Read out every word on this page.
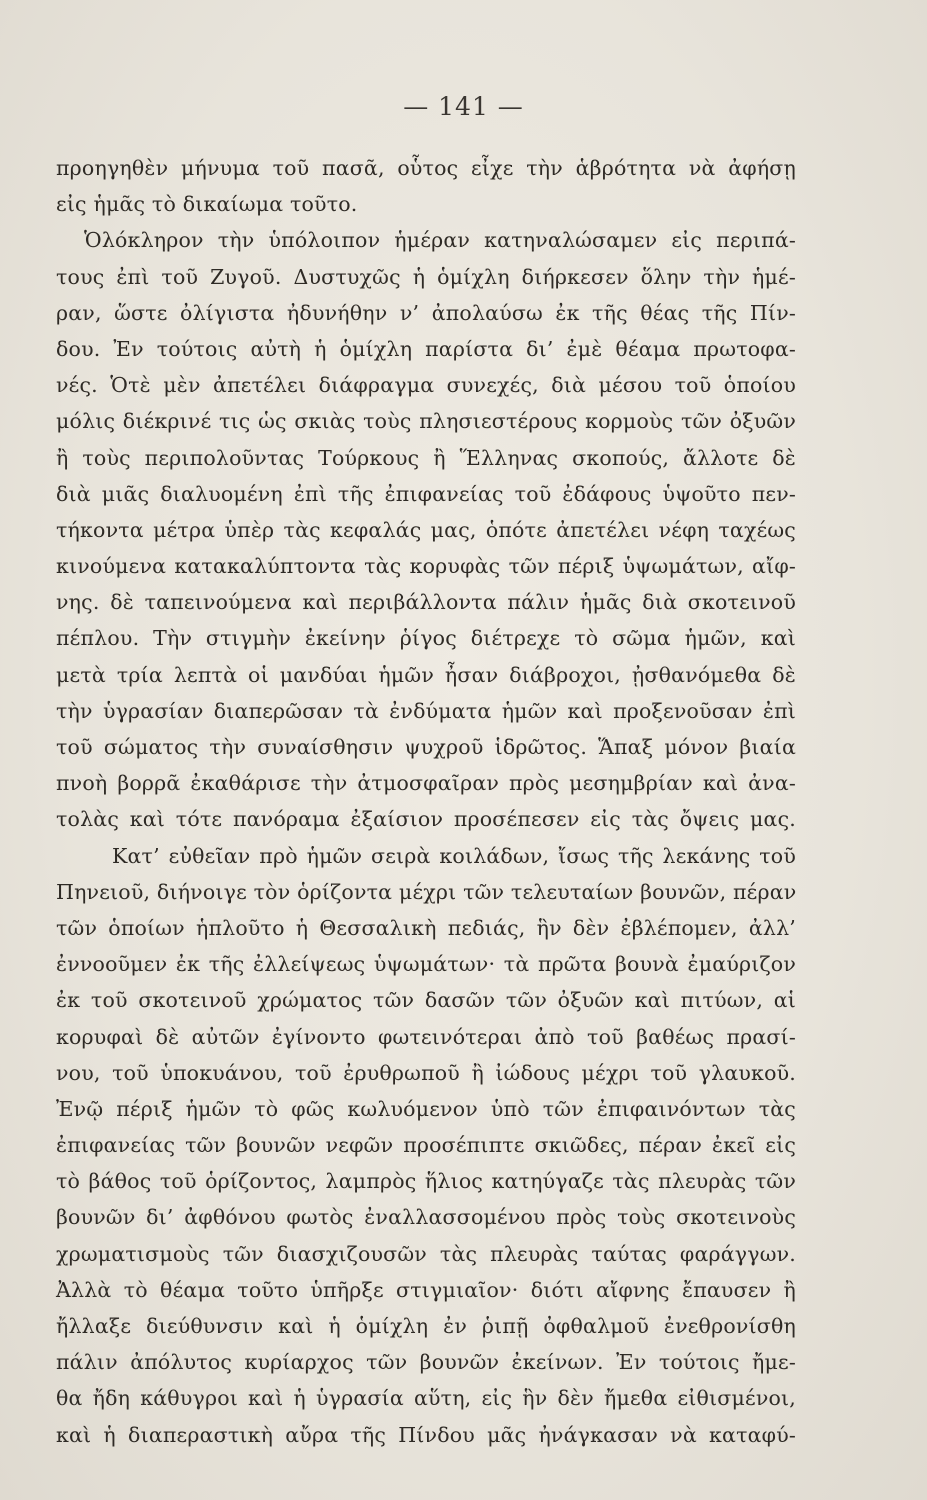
— 141 —
προηγηθὲν μήνυμα τοῦ πασᾶ, οὗτος εἶχε τὴν ἁβρότητα νὰ ἀφήσῃ
εἰς ἡμᾶς τὸ δικαίωμα τοῦτο.
Ὁλόκληρον τὴν ὑπόλοιπον ἡμέραν κατηναλώσαμεν εἰς περιπά-
τους ἐπὶ τοῦ Ζυγοῦ. Δυστυχῶς ἡ ὁμίχλη διήρκεσεν ὅλην τὴν ἡμέ-
ραν, ὥστε ὀλίγιστα ἠδυνήθην ν’ ἀπολαύσω ἐκ τῆς θέας τῆς Πίν-
δου. Ἐν τούτοις αὐτὴ ἡ ὁμίχλη παρίστα δι’ ἐμὲ θέαμα πρωτοφα-
νές. Ὁτὲ μὲν ἀπετέλει διάφραγμα συνεχές, διὰ μέσου τοῦ ὁποίου
μόλις διέκρινέ τις ὡς σκιὰς τοὺς πλησιεστέρους κορμοὺς τῶν ὀξυῶν
ἢ τοὺς περιπολοῦντας Τούρκους ἢ Ἕλληνας σκοπούς, ἄλλοτε δὲ
διὰ μιᾶς διαλυομένη ἐπὶ τῆς ἐπιφανείας τοῦ ἐδάφους ὑψοῦτο πεν-
τήκοντα μέτρα ὑπὲρ τὰς κεφαλάς μας, ὁπότε ἀπετέλει νέφη ταχέως
κινούμενα κατακαλύπτοντα τὰς κορυφὰς τῶν πέριξ ὑψωμάτων, αἴφ-
νης. δὲ ταπεινούμενα καὶ περιβάλλοντα πάλιν ἡμᾶς διὰ σκοτεινοῦ
πέπλου. Τὴν στιγμὴν ἐκείνην ῥίγος διέτρεχε τὸ σῶμα ἡμῶν, καὶ
μετὰ τρία λεπτὰ οἱ μανδύαι ἡμῶν ἦσαν διάβροχοι, ᾐσθανόμεθα δὲ
τὴν ὑγρασίαν διαπερῶσαν τὰ ἐνδύματα ἡμῶν καὶ προξενοῦσαν ἐπὶ
τοῦ σώματος τὴν συναίσθησιν ψυχροῦ ἱδρῶτος. Ἅπαξ μόνον βιαία
πνοὴ βορρᾶ ἐκαθάρισε τὴν ἀτμοσφαῖραν πρὸς μεσημβρίαν καὶ ἀνα-
τολὰς καὶ τότε πανόραμα ἐξαίσιον προσέπεσεν εἰς τὰς ὄψεις μας.
Κατ’ εὐθεῖαν πρὸ ἡμῶν σειρὰ κοιλάδων, ἴσως τῆς λεκάνης τοῦ
Πηνειοῦ, διήνοιγε τὸν ὁρίζοντα μέχρι τῶν τελευταίων βουνῶν, πέραν
τῶν ὁποίων ἡπλοῦτο ἡ Θεσσαλικὴ πεδιάς, ἣν δὲν ἐβλέπομεν, ἀλλ’
ἐννοοῦμεν ἐκ τῆς ἐλλείψεως ὑψωμάτων· τὰ πρῶτα βουνὰ ἐμαύριζον
ἐκ τοῦ σκοτεινοῦ χρώματος τῶν δασῶν τῶν ὀξυῶν καὶ πιτύων, αἱ
κορυφαὶ δὲ αὐτῶν ἐγίνοντο φωτεινότεραι ἀπὸ τοῦ βαθέως πρασί-
νου, τοῦ ὑποκυάνου, τοῦ ἐρυθρωποῦ ἢ ἰώδους μέχρι τοῦ γλαυκοῦ.
Ἐνῷ πέριξ ἡμῶν τὸ φῶς κωλυόμενον ὑπὸ τῶν ἐπιφαινόντων τὰς
ἐπιφανείας τῶν βουνῶν νεφῶν προσέπιπτε σκιῶδες, πέραν ἐκεῖ εἰς
τὸ βάθος τοῦ ὁρίζοντος, λαμπρὸς ἥλιος κατηύγαζε τὰς πλευρὰς τῶν
βουνῶν δι’ ἀφθόνου φωτὸς ἐναλλασσομένου πρὸς τοὺς σκοτεινοὺς
χρωματισμοὺς τῶν διασχιζουσῶν τὰς πλευρὰς ταύτας φαράγγων.
Ἀλλὰ τὸ θέαμα τοῦτο ὑπῆρξε στιγμιαῖον· διότι αἴφνης ἔπαυσεν ἢ
ἤλλαξε διεύθυνσιν καὶ ἡ ὁμίχλη ἐν ῥιπῇ ὀφθαλμοῦ ἐνεθρονίσθη
πάλιν ἀπόλυτος κυρίαρχος τῶν βουνῶν ἐκείνων. Ἐν τούτοις ἤμε-
θα ἤδη κάθυγροι καὶ ἡ ὑγρασία αὕτη, εἰς ἣν δὲν ἤμεθα εἰθισμένοι,
καὶ ἡ διαπεραστικὴ αὔρα τῆς Πίνδου μᾶς ἠνάγκασαν νὰ καταφύ-
